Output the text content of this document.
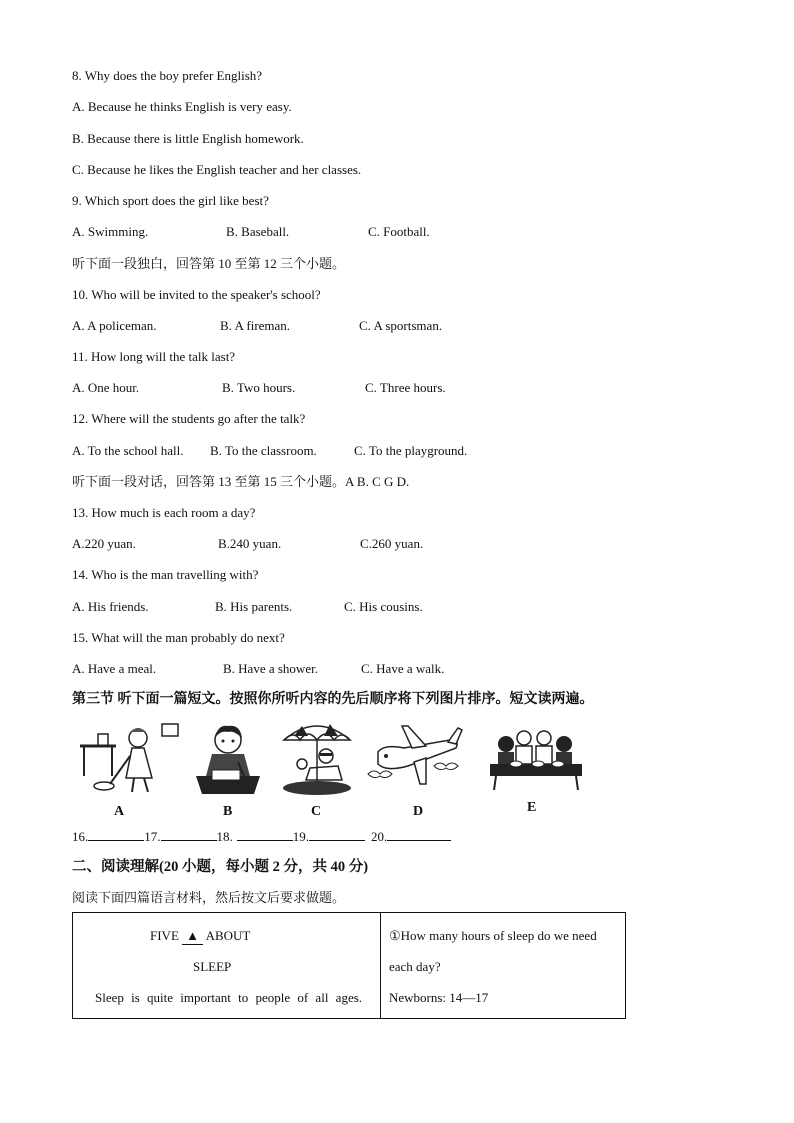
8. Why does the boy prefer English?
A. Because he thinks English is very easy.
B. Because there is little English homework.
C. Because he likes the English teacher and her classes.
9. Which sport does the girl like best?
A. Swimming.	B. Baseball.	C. Football.
听下面一段独白，回答第 10 至第 12 三个小题。
10. Who will be invited to the speaker's school?
A. A policeman.	B. A fireman.	C. A sportsman.
11. How long will the talk last?
A. One hour.	B. Two hours.	C. Three hours.
12. Where will the students go after the talk?
A. To the school hall. B. To the classroom.	C. To the playground.
听下面一段对话，回答第 13 至第 15 三个小题。A B. C G D.
13. How much is each room a day?
A.220 yuan.	B.240 yuan.	C.260 yuan.
14. Who is the man travelling with?
A. His friends.	B. His parents.	C. His cousins.
15. What will the man probably do next?
A. Have a meal.	B. Have a shower.	C. Have a walk.
第三节 听下面一篇短文。按照你所听内容的先后顺序将下列图片排序。短文读两遍。
A	B	C	D	E
16.	17.	18.	19.	20.
二、阅读理解(20 小题，每小题 2 分，共 40 分)
阅读下面四篇语言材料，然后按文后要求做题。
FIVE ▲ ABOUT
SLEEP
Sleep is quite important to people of all ages.

①How many hours of sleep do we need
each day?
Newborns: 14—17
